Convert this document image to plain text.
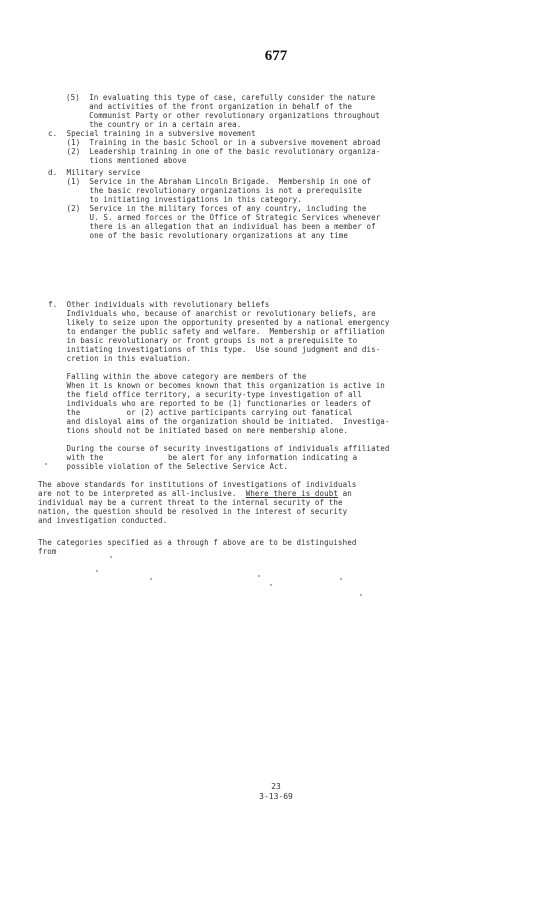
677
(5)  In evaluating this type of case, carefully consider the nature
and activities of the front organization in behalf of the
Communist Party or other revolutionary organizations throughout
the country or in a certain area.
c.  Special training in a subversive movement
(1)  Training in the basic School or in a subversive movement abroad
(2)  Leadership training in one of the basic revolutionary organiza-
tions mentioned above
d.  Military service
(1)  Service in the Abraham Lincoln Brigade.  Membership in one of
the basic revolutionary organizations is not a prerequisite
to initiating investigations in this category.
(2)  Service in the military forces of any country, including the
U. S. armed forces or the Office of Strategic Services whenever
there is an allegation that an individual has been a member of
one of the basic revolutionary organizations at any time
f.  Other individuals with revolutionary beliefs
Individuals who, because of anarchist or revolutionary beliefs, are
likely to seize upon the opportunity presented by a national emergency
to endanger the public safety and welfare.  Membership or affiliation
in basic revolutionary or front groups is not a prerequisite to
initiating investigations of this type.  Use sound judgment and dis-
cretion in this evaluation.
Falling within the above category are members of the
When it is known or becomes known that this organization is active in
the field office territory, a security-type investigation of all
individuals who are reported to be (1) functionaries or leaders of
the          or (2) active participants carrying out fanatical
and disloyal aims of the organization should be initiated.  Investiga-
tions should not be initiated based on mere membership alone.
During the course of security investigations of individuals affiliated
with the              be alert for any information indicating a
possible violation of the Selective Service Act.
The above standards for institutions of investigations of individuals
are not to be interpreted as all-inclusive.  Where there is doubt an
individual may be a current threat to the internal security of the
nation, the question should be resolved in the interest of security
and investigation conducted.
The categories specified as a through f above are to be distinguished
from
23
3-13-69
